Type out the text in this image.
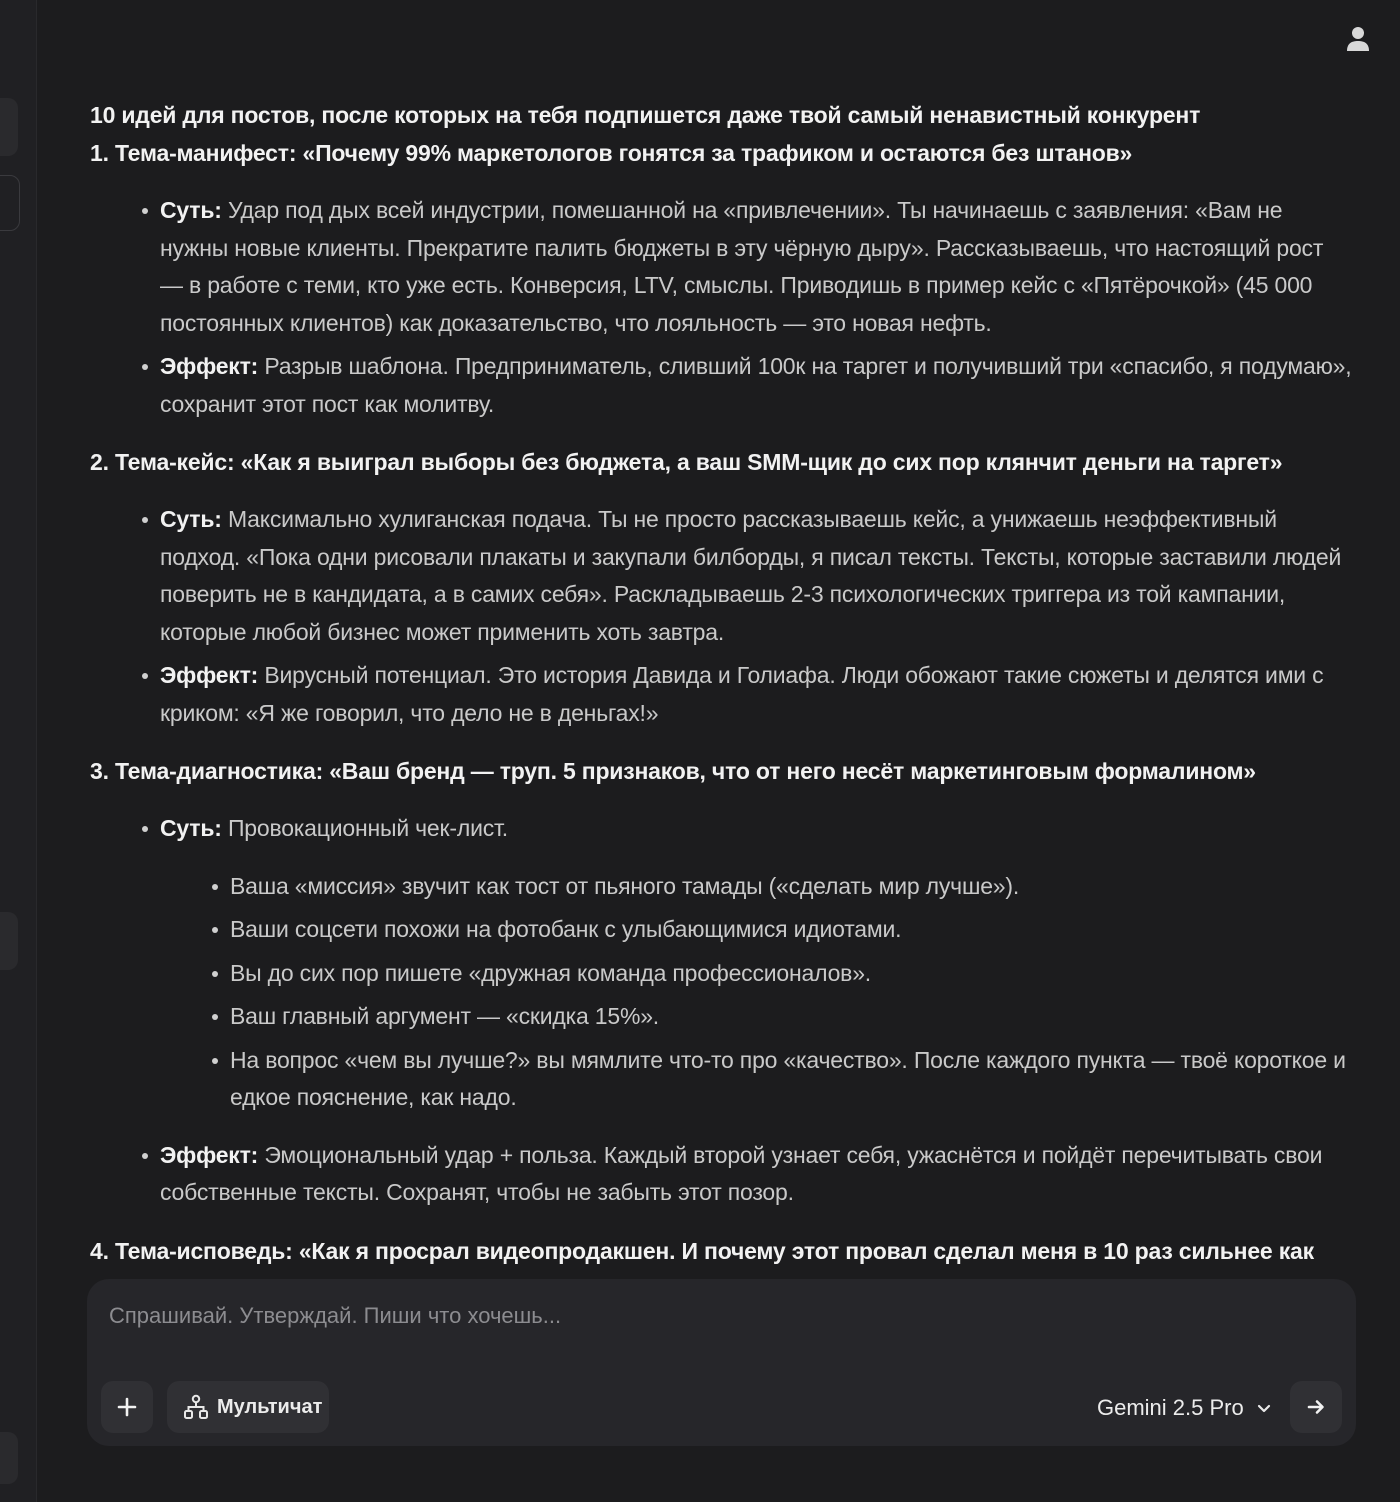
10 идей для постов, после которых на тебя подпишется даже твой самый ненавистный конкурент
1. Тема-манифест: «Почему 99% маркетологов гонятся за трафиком и остаются без штанов»
Суть: Удар под дых всей индустрии, помешанной на «привлечении». Ты начинаешь с заявления: «Вам не нужны новые клиенты. Прекратите палить бюджеты в эту чёрную дыру». Рассказываешь, что настоящий рост — в работе с теми, кто уже есть. Конверсия, LTV, смыслы. Приводишь в пример кейс с «Пятёрочкой» (45 000 постоянных клиентов) как доказательство, что лояльность — это новая нефть.
Эффект: Разрыв шаблона. Предприниматель, сливший 100к на таргет и получивший три «спасибо, я подумаю», сохранит этот пост как молитву.
2. Тема-кейс: «Как я выиграл выборы без бюджета, а ваш SMM-щик до сих пор клянчит деньги на таргет»
Суть: Максимально хулиганская подача. Ты не просто рассказываешь кейс, а унижаешь неэффективный подход. «Пока одни рисовали плакаты и закупали билборды, я писал тексты. Тексты, которые заставили людей поверить не в кандидата, а в самих себя». Раскладываешь 2-3 психологических триггера из той кампании, которые любой бизнес может применить хоть завтра.
Эффект: Вирусный потенциал. Это история Давида и Голиафа. Люди обожают такие сюжеты и делятся ими с криком: «Я же говорил, что дело не в деньгах!»
3. Тема-диагностика: «Ваш бренд — труп. 5 признаков, что от него несёт маркетинговым формалином»
Суть: Провокационный чек-лист.
Ваша «миссия» звучит как тост от пьяного тамады («сделать мир лучше»).
Ваши соцсети похожи на фотобанк с улыбающимися идиотами.
Вы до сих пор пишете «дружная команда профессионалов».
Ваш главный аргумент — «скидка 15%».
На вопрос «чем вы лучше?» вы мямлите что-то про «качество». После каждого пункта — твоё короткое и едкое пояснение, как надо.
Эффект: Эмоциональный удар + польза. Каждый второй узнает себя, ужаснётся и пойдёт перечитывать свои собственные тексты. Сохранят, чтобы не забыть этот позор.
4. Тема-исповедь: «Как я просрал видеопродакшен. И почему этот провал сделал меня в 10 раз сильнее как
Спрашивай. Утверждай. Пиши что хочешь...
Мультичат	Gemini 2.5 Pro
